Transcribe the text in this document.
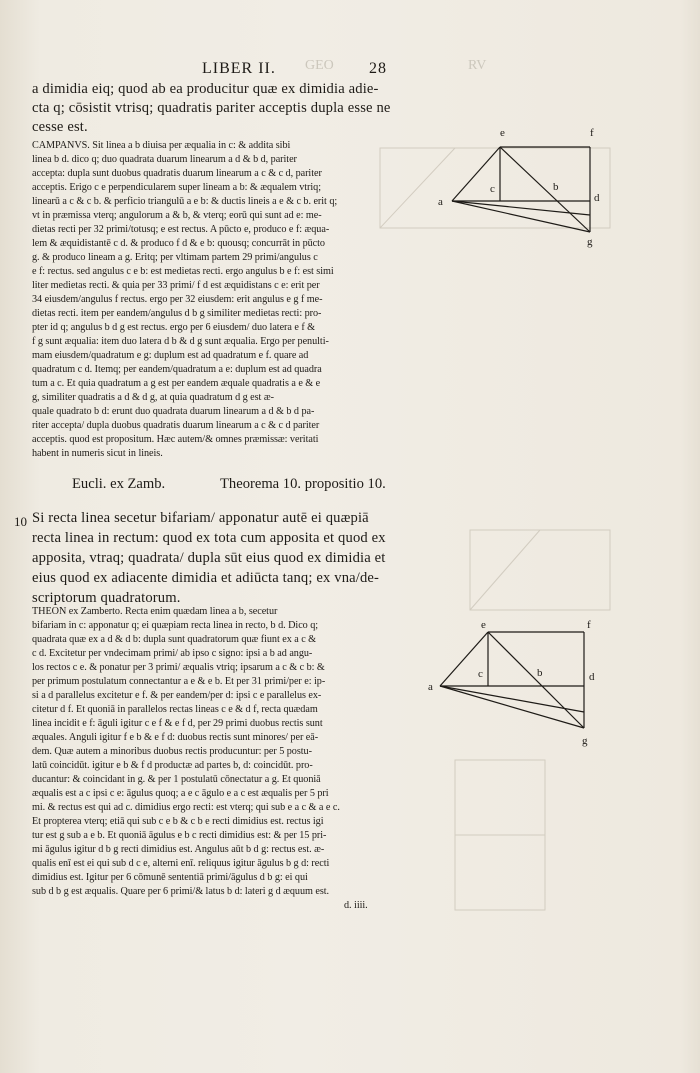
GEO	RV
LIBER II.	28
a dimidia eiq; quod ab ea producitur quæ ex dimidia adie-
cta q; cōsistit vtrisq; quadratis pariter acceptis dupla esse ne
cesse est.
CAMPANVS. Sit linea a b diuisa per æqualia in c: & addita sibi
linea b d. dico q; duo quadrata duarum linearum a d & b d, pariter
accepta: dupla sunt duobus quadratis duarum linearum a c & c d, pariter
acceptis. Erigo c e perpendicularem super lineam a b: & æqualem vtriq;
linearū a c & c b. & perficio triangulū a e b: & ductis lineis a e & c b. erit q;
vt in præmissa vterq; angulorum a & b, & vterq; eorū qui sunt ad e: me-
dietas recti per 32 primi/totusq; e est rectus. A pūcto e, produco e f: æqua-
lem & æquidistantē c d. & produco f d & e b: quousq; concurrāt in pūcto
g. & produco lineam a g. Eritq; per vltimam partem 29 primi/angulus c
e f: rectus. sed angulus c e b: est medietas recti. ergo angulus b e f: est simi
liter medietas recti. & quia per 33 primi/ f d est æquidistans c e: erit per
34 eiusdem/angulus f rectus. ergo per 32 eiusdem: erit angulus e g f me-
dietas recti. item per eandem/angulus d b g similiter medietas recti: pro-
pter id q; angulus b d g est rectus. ergo per 6 eiusdem/ duo latera e f &
f g sunt æqualia: item duo latera d b & d g sunt æqualia. Ergo per penulti-
mam eiusdem/quadratum e g: duplum est ad quadratum e f. quare ad
quadratum c d. Itemq; per eandem/quadratum a e: duplum est ad quadra
tum a c. Et quia quadratum a g est per eandem æquale quadratis a e & e
g, similiter quadratis a d & d g, at quia quadratum d g est æ-
quale quadrato b d: erunt duo quadrata duarum linearum a d & b d pa-
riter accepta/ dupla duobus quadratis duarum linearum a c & c d pariter
acceptis. quod est propositum. Hæc autem/& omnes præmissæ: veritati
habent in numeris sicut in lineis.
Eucli. ex Zamb.	Theorema 10. propositio 10.
10 Si recta linea secetur bifariam/ apponatur autē ei quæpiā
recta linea in rectum: quod ex tota cum apposita et quod ex
apposita, vtraq; quadrata/ dupla sūt eius quod ex dimidia et
eius quod ex adiacente dimidia et adiūcta tanq; ex vna/de-
scriptorum quadratorum.
THEON ex Zamberto. Recta enim quædam linea a b, secetur
bifariam in c: apponatur q; ei quæpiam recta linea in recto, b d. Dico q;
quadrata quæ ex a d & d b: dupla sunt quadratorum quæ fiunt ex a c &
c d. Excitetur per vndecimam primi/ ab ipso c signo: ipsi a b ad angu-
los rectos c e. & ponatur per 3 primi/ æqualis vtriq; ipsarum a c & c b: &
per primum postulatum connectantur a e & e b. Et per 31 primi/per e: ip-
si a d parallelus excitetur e f. & per eandem/per d: ipsi c e parallelus ex-
citetur d f. Et quoniā in parallelos rectas lineas c e & d f, recta quædam
linea incidit e f: āguli igitur c e f & e f d, per 29 primi duobus rectis sunt
æquales. Anguli igitur f e b & e f d: duobus rectis sunt minores/ per eā-
dem. Quæ autem a minoribus duobus rectis producuntur: per 5 postu-
latū coincidūt. igitur e b & f d productæ ad partes b, d: coincidūt. pro-
ducantur: & coincidant in g. & per 1 postulatū cōnectatur a g. Et quoniā
æqualis est a c ipsi c e: āgulus quoq; a e c āgulo e a c est æqualis per 5 pri
mi. & rectus est qui ad c. dimidius ergo recti: est vterq; qui sub e a c & a e c.
Et propterea vterq; etiā qui sub c e b & c b e recti dimidius est. rectus igi
tur est g sub a e b. Et quoniā āgulus e b c recti dimidius est: & per 15 pri-
mi āgulus igitur d b g recti dimidius est. Angulus aūt b d g: rectus est. æ-
qualis enī est ei qui sub d c e, alterni enī. reliquus igitur āgulus b g d: recti
dimidius est. Igitur per 6 cōmunē sententiā primi/āgulus d b g: ei qui
sub d b g est æqualis. Quare per 6 primi/& latus b d: lateri g d æquum est.
d. iiii.
e	f
c	b
d
a
g
e	f
c	b	d
a
g
